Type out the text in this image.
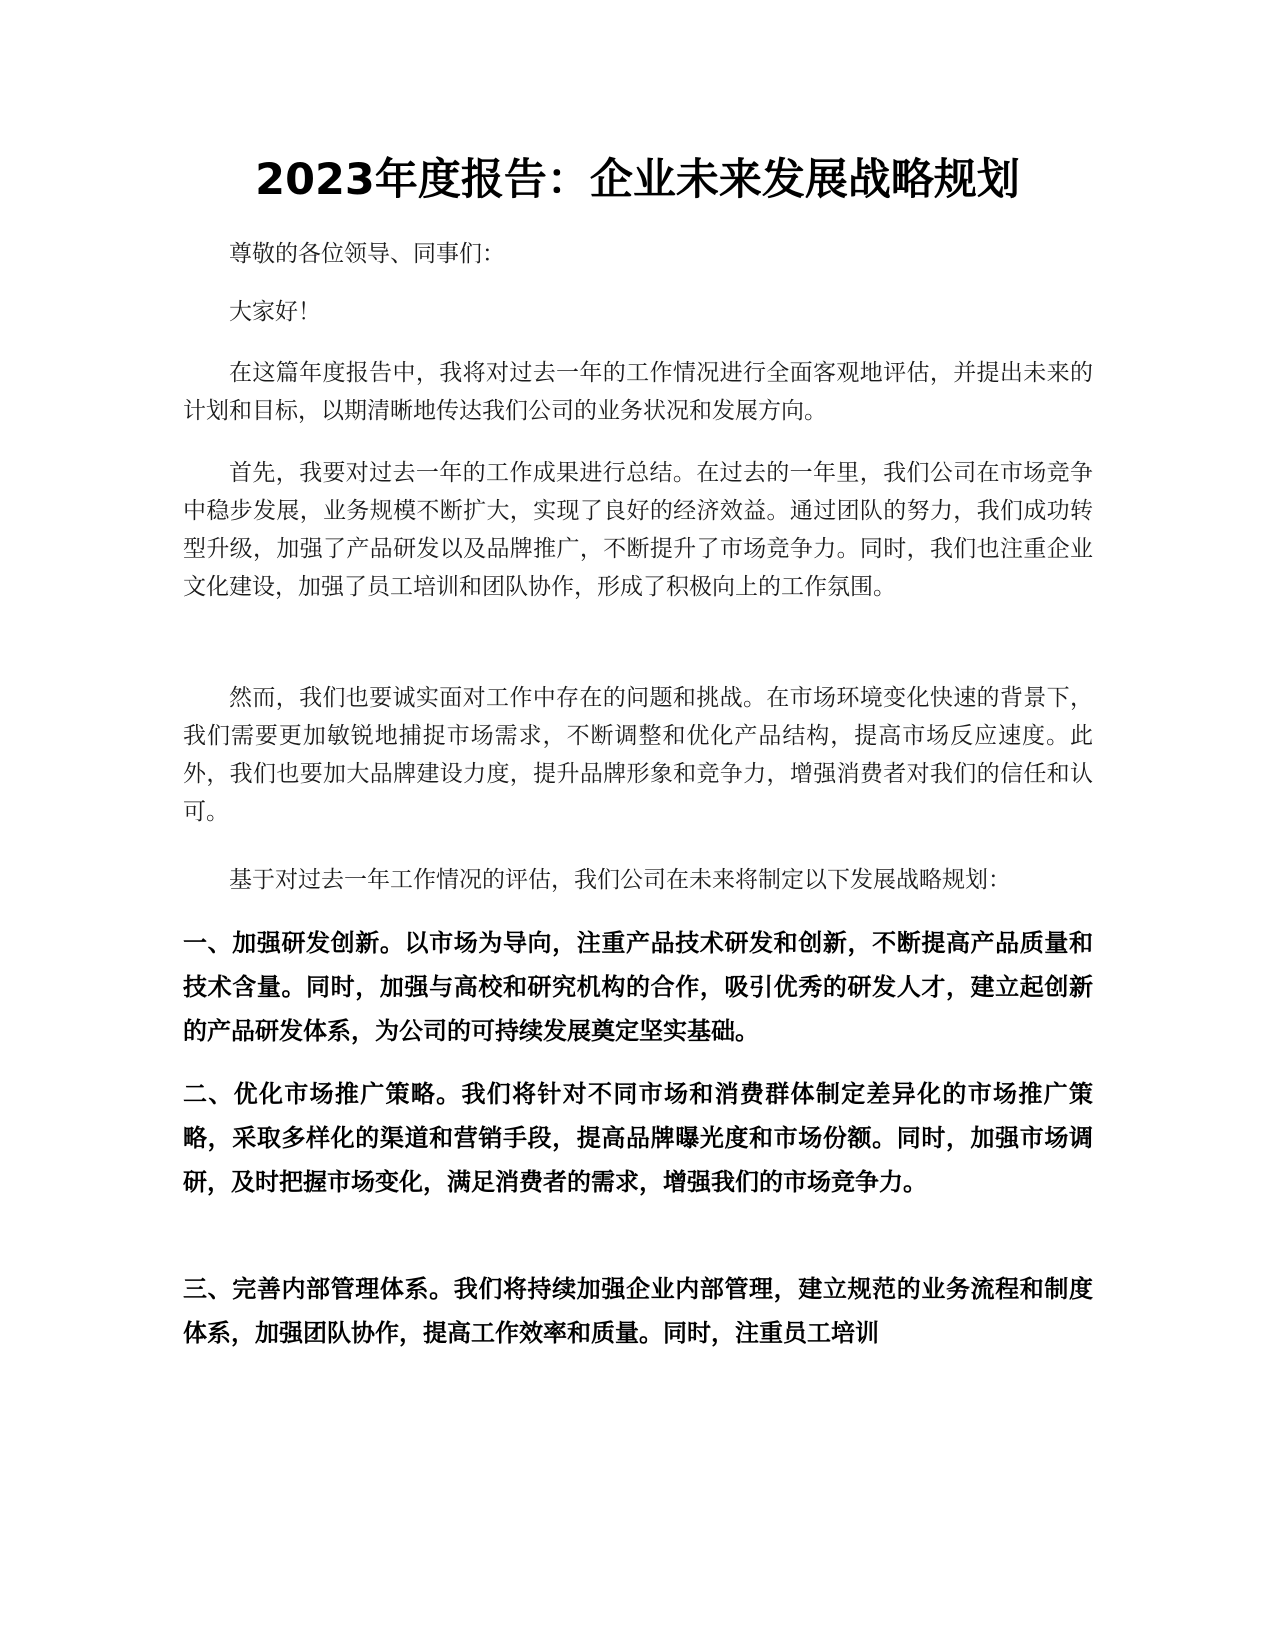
2023年度报告：企业未来发展战略规划

尊敬的各位领导、同事们：

大家好！

在这篇年度报告中，我将对过去一年的工作情况进行全面客观地评估，并提出未来的计划和目标，以期清晰地传达我们公司的业务状况和发展方向。

首先，我要对过去一年的工作成果进行总结。在过去的一年里，我们公司在市场竞争中稳步发展，业务规模不断扩大，实现了良好的经济效益。通过团队的努力，我们成功转型升级，加强了产品研发以及品牌推广，不断提升了市场竞争力。同时，我们也注重企业文化建设，加强了员工培训和团队协作，形成了积极向上的工作氛围。

然而，我们也要诚实面对工作中存在的问题和挑战。在市场环境变化快速的背景下，我们需要更加敏锐地捕捉市场需求，不断调整和优化产品结构，提高市场反应速度。此外，我们也要加大品牌建设力度，提升品牌形象和竞争力，增强消费者对我们的信任和认可。

基于对过去一年工作情况的评估，我们公司在未来将制定以下发展战略规划：

一、加强研发创新。以市场为导向，注重产品技术研发和创新，不断提高产品质量和技术含量。同时，加强与高校和研究机构的合作，吸引优秀的研发人才，建立起创新的产品研发体系，为公司的可持续发展奠定坚实基础。

二、优化市场推广策略。我们将针对不同市场和消费群体制定差异化的市场推广策略，采取多样化的渠道和营销手段，提高品牌曝光度和市场份额。同时，加强市场调研，及时把握市场变化，满足消费者的需求，增强我们的市场竞争力。

三、完善内部管理体系。我们将持续加强企业内部管理，建立规范的业务流程和制度体系，加强团队协作，提高工作效率和质量。同时，注重员工培训
